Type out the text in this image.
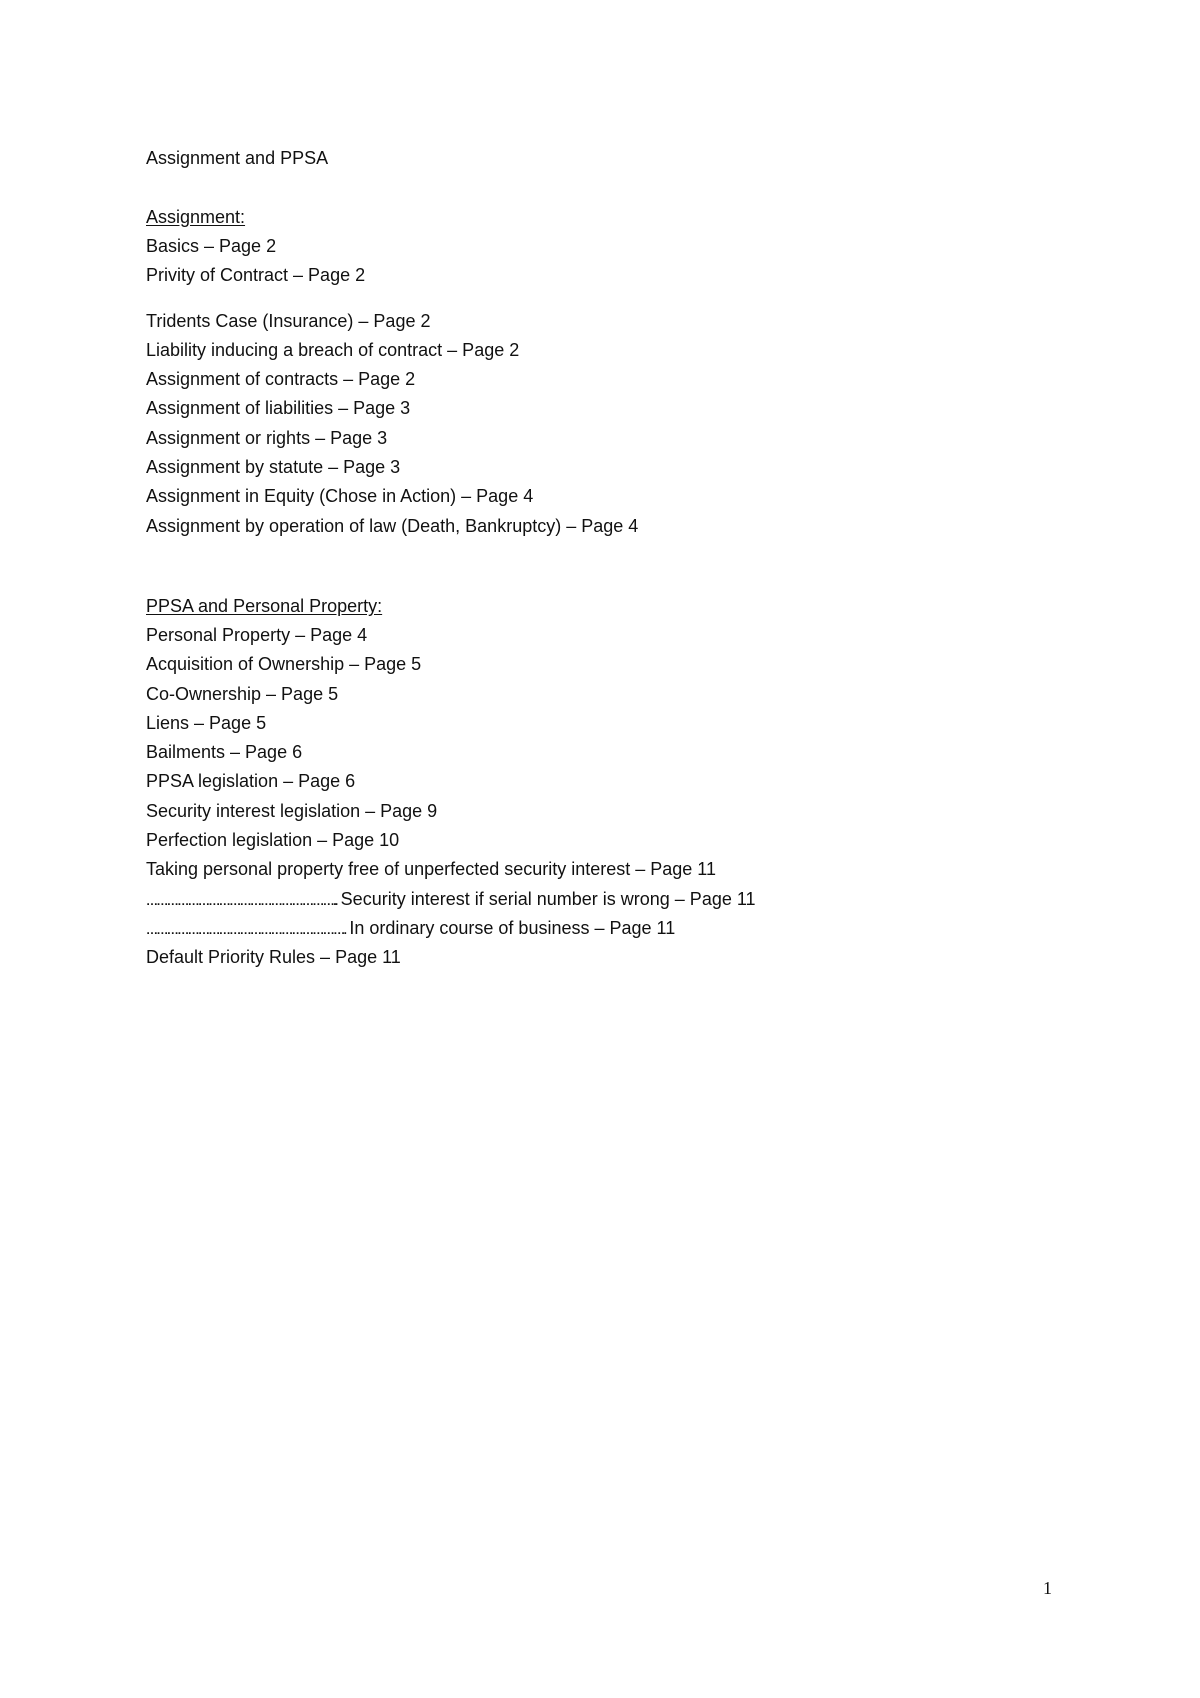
Assignment and PPSA
Assignment:
Basics – Page 2
Privity of Contract – Page 2
Tridents Case (Insurance) – Page 2
Liability inducing a breach of contract – Page 2
Assignment of contracts – Page 2
Assignment of liabilities – Page 3
Assignment or rights – Page 3
Assignment by statute – Page 3
Assignment in Equity (Chose in Action) – Page 4
Assignment by operation of law (Death, Bankruptcy) – Page 4
PPSA and Personal Property:
Personal Property – Page 4
Acquisition of Ownership – Page 5
Co-Ownership – Page 5
Liens – Page 5
Bailments – Page 6
PPSA legislation – Page 6
Security interest legislation – Page 9
Perfection legislation – Page 10
Taking personal property free of unperfected security interest – Page 11
……………………………………………….. Security interest if serial number is wrong – Page 11
…………………………………………………. In ordinary course of business – Page 11
Default Priority Rules – Page 11
1
